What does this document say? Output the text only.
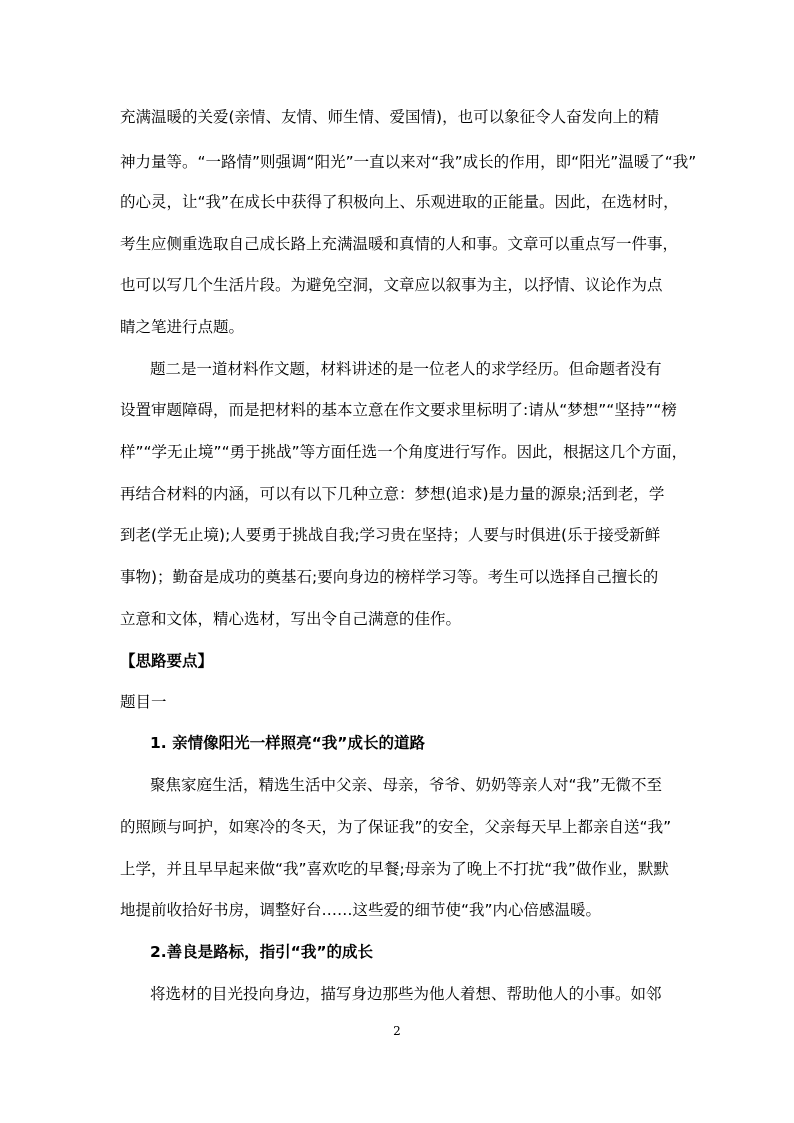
充满温暖的关爱(亲情、友情、师生情、爱国情)，也可以象征令人奋发向上的精
神力量等。“一路情”则强调“阳光”一直以来对“我”成长的作用，即“阳光”温暖了“我”
的心灵，让“我”在成长中获得了积极向上、乐观进取的正能量。因此，在选材时，
考生应侧重选取自己成长路上充满温暖和真情的人和事。文章可以重点写一件事，
也可以写几个生活片段。为避免空洞，文章应以叙事为主，以抒情、议论作为点
睛之笔进行点题。
题二是一道材料作文题，材料讲述的是一位老人的求学经历。但命题者没有
设置审题障碍，而是把材料的基本立意在作文要求里标明了:请从“梦想”“坚持”“榜
样”“学无止境”“勇于挑战”等方面任选一个角度进行写作。因此，根据这几个方面，
再结合材料的内涵，可以有以下几种立意：梦想(追求)是力量的源泉;活到老，学
到老(学无止境);人要勇于挑战自我;学习贵在坚持；人要与时俱进(乐于接受新鲜
事物)；勤奋是成功的奠基石;要向身边的榜样学习等。考生可以选择自己擅长的
立意和文体，精心选材，写出令自己满意的佳作。
【思路要点】
题目一
1. 亲情像阳光一样照亮“我”成长的道路
聚焦家庭生活，精选生活中父亲、母亲，爷爷、奶奶等亲人对“我”无微不至
的照顾与呵护，如寒冷的冬天，为了保证我”的安全，父亲每天早上都亲自送“我”
上学，并且早早起来做“我”喜欢吃的早餐;母亲为了晚上不打扰“我”做作业，默默
地提前收拾好书房，调整好台……这些爱的细节使“我”内心倍感温暖。
2.善良是路标，指引“我”的成长
将选材的目光投向身边，描写身边那些为他人着想、帮助他人的小事。如邻
2
